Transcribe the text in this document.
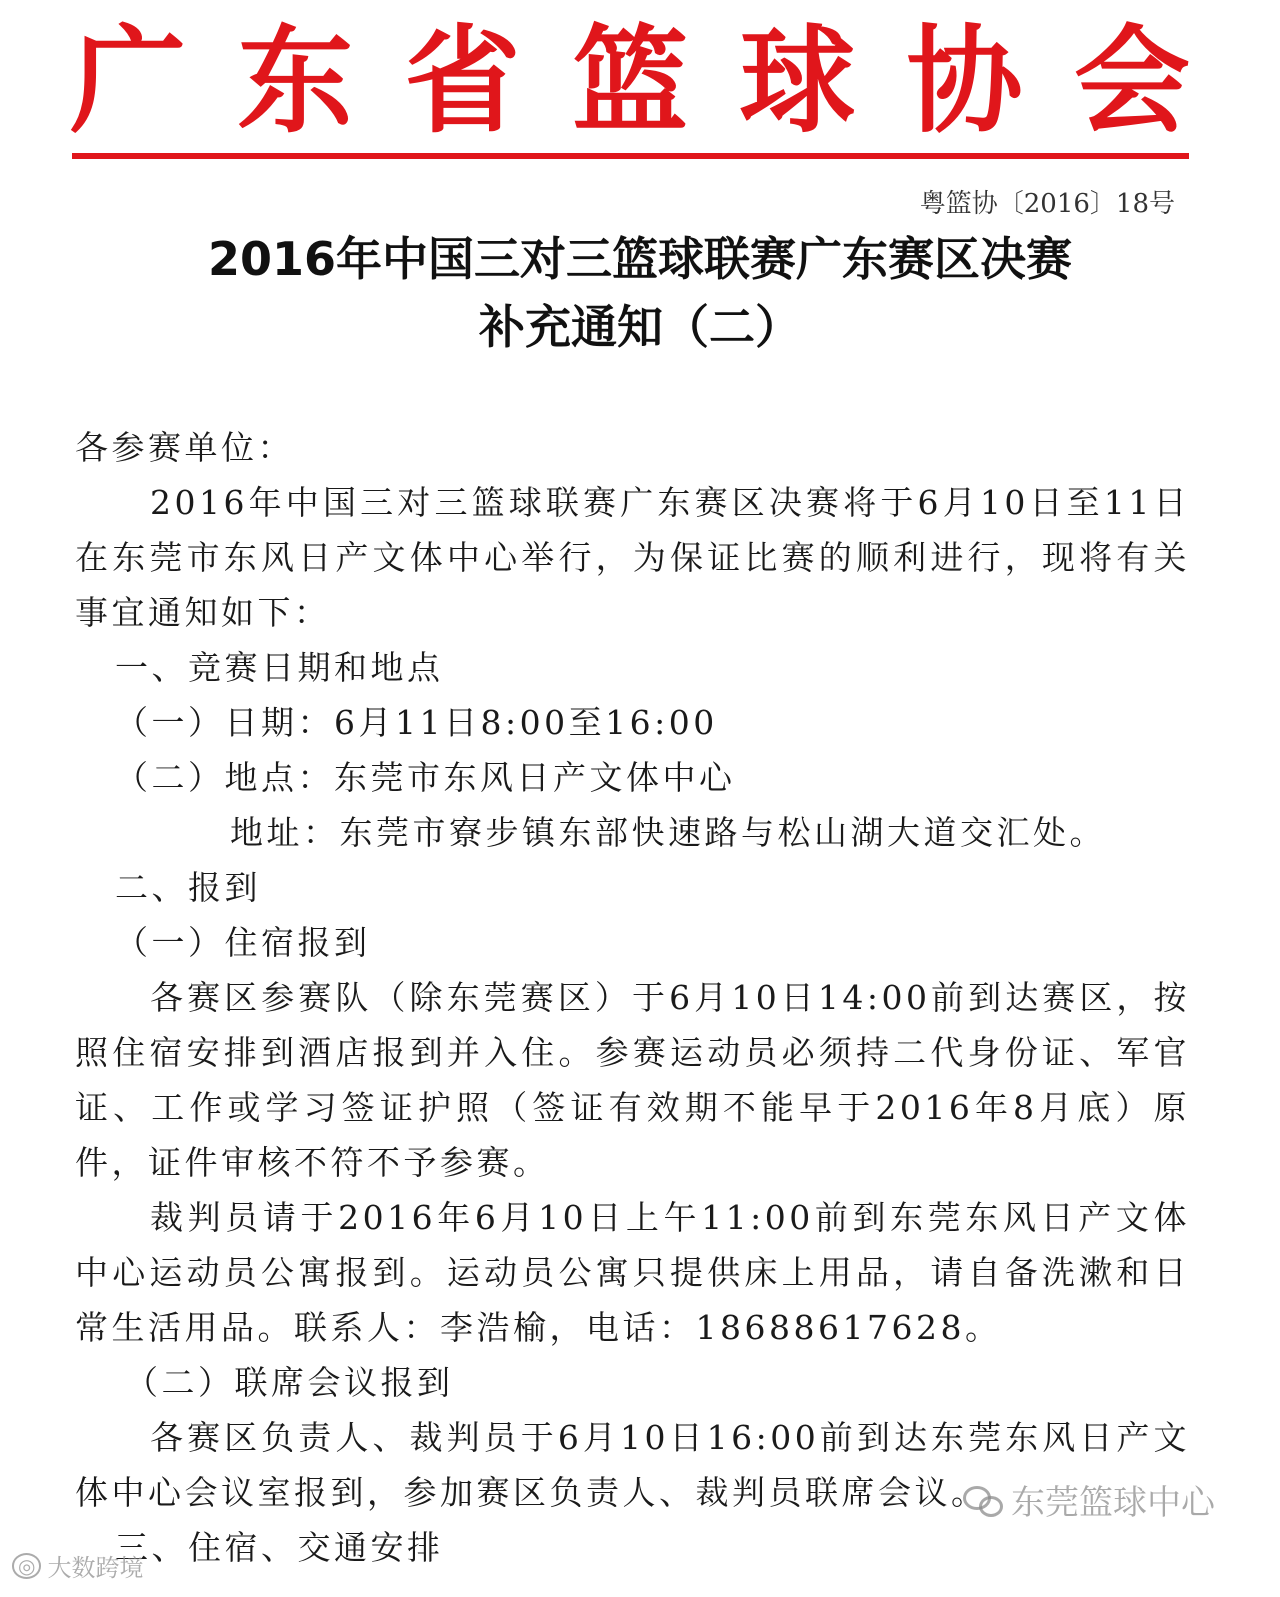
广 东 省 篮 球 协 会
粤篮协〔2016〕18号
2016年中国三对三篮球联赛广东赛区决赛
补充通知（二）

各参赛单位：

2016年中国三对三篮球联赛广东赛区决赛将于6月10日至11日在东莞市东风日产文体中心举行，为保证比赛的顺利进行，现将有关事宜通知如下：

一、竞赛日期和地点

（一）日期：6月11日8:00至16:00

（二）地点：东莞市东风日产文体中心

地址：东莞市寮步镇东部快速路与松山湖大道交汇处。

二、报到

（一）住宿报到

各赛区参赛队（除东莞赛区）于6月10日14:00前到达赛区，按照住宿安排到酒店报到并入住。参赛运动员必须持二代身份证、军官证、工作或学习签证护照（签证有效期不能早于2016年8月底）原件，证件审核不符不予参赛。

裁判员请于2016年6月10日上午11:00前到东莞东风日产文体中心运动员公寓报到。运动员公寓只提供床上用品，请自备洗漱和日常生活用品。联系人：李浩榆，电话：18688617628。

（二）联席会议报到

各赛区负责人、裁判员于6月10日16:00前到达东莞东风日产文体中心会议室报到，参加赛区负责人、裁判员联席会议。

三、住宿、交通安排

东莞篮球中心
◎ 大数跨境
